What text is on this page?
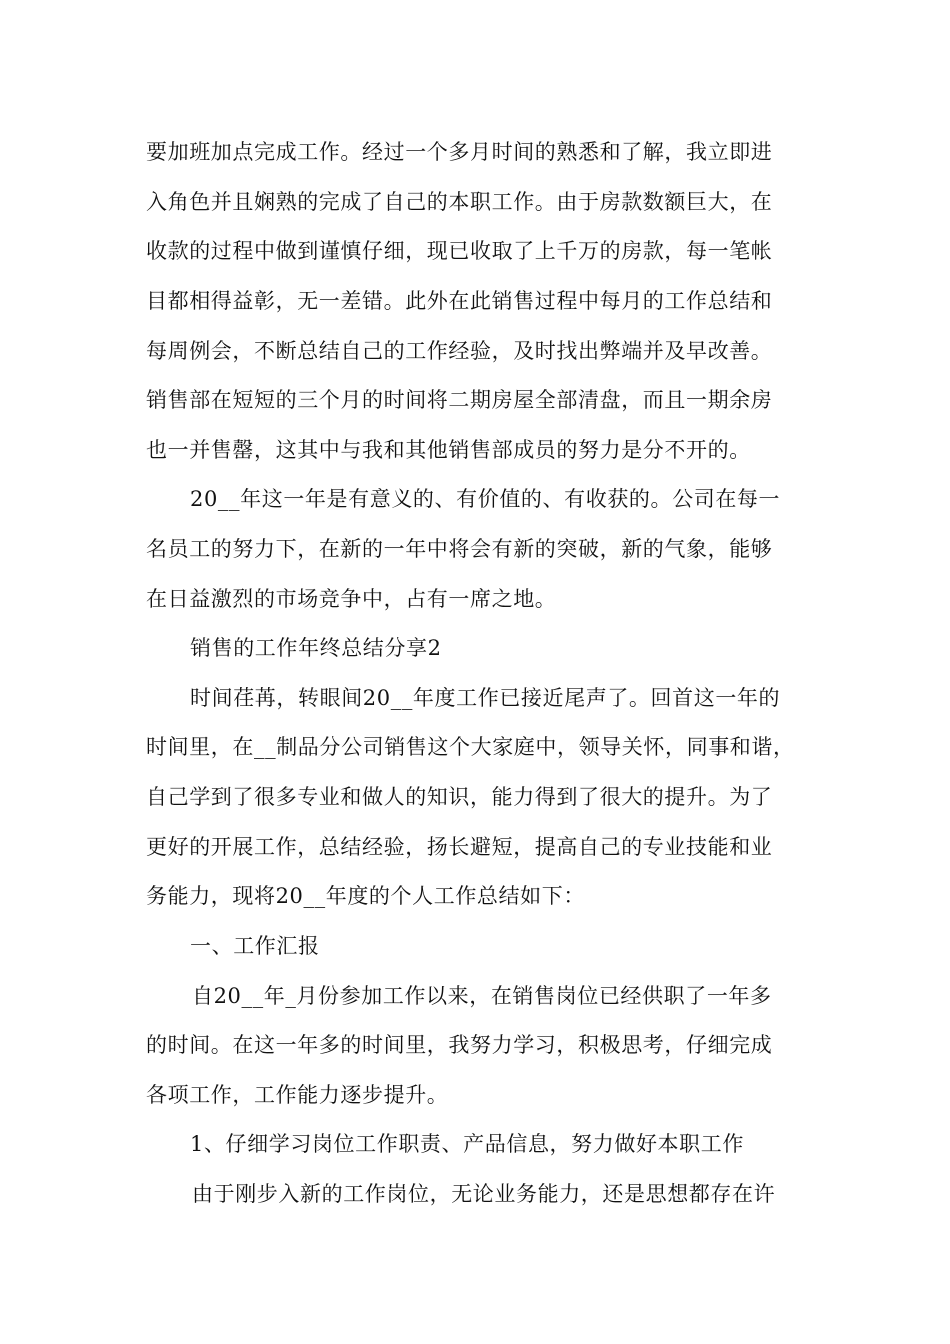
要加班加点完成工作。经过一个多月时间的熟悉和了解，我立即进
入角色并且娴熟的完成了自己的本职工作。由于房款数额巨大，在
收款的过程中做到谨慎仔细，现已收取了上千万的房款，每一笔帐
目都相得益彰，无一差错。此外在此销售过程中每月的工作总结和
每周例会，不断总结自己的工作经验，及时找出弊端并及早改善。
销售部在短短的三个月的时间将二期房屋全部清盘，而且一期余房
也一并售罄，这其中与我和其他销售部成员的努力是分不开的。
20__年这一年是有意义的、有价值的、有收获的。公司在每一
名员工的努力下，在新的一年中将会有新的突破，新的气象，能够
在日益激烈的市场竞争中，占有一席之地。
销售的工作年终总结分享2
时间荏苒，转眼间20__年度工作已接近尾声了。回首这一年的
时间里，在__制品分公司销售这个大家庭中，领导关怀，同事和谐，
自己学到了很多专业和做人的知识，能力得到了很大的提升。为了
更好的开展工作，总结经验，扬长避短，提高自己的专业技能和业
务能力，现将20__年度的个人工作总结如下：
一、工作汇报
自20__年_月份参加工作以来，在销售岗位已经供职了一年多
的时间。在这一年多的时间里，我努力学习，积极思考，仔细完成
各项工作，工作能力逐步提升。
1、仔细学习岗位工作职责、产品信息，努力做好本职工作
由于刚步入新的工作岗位，无论业务能力，还是思想都存在许
